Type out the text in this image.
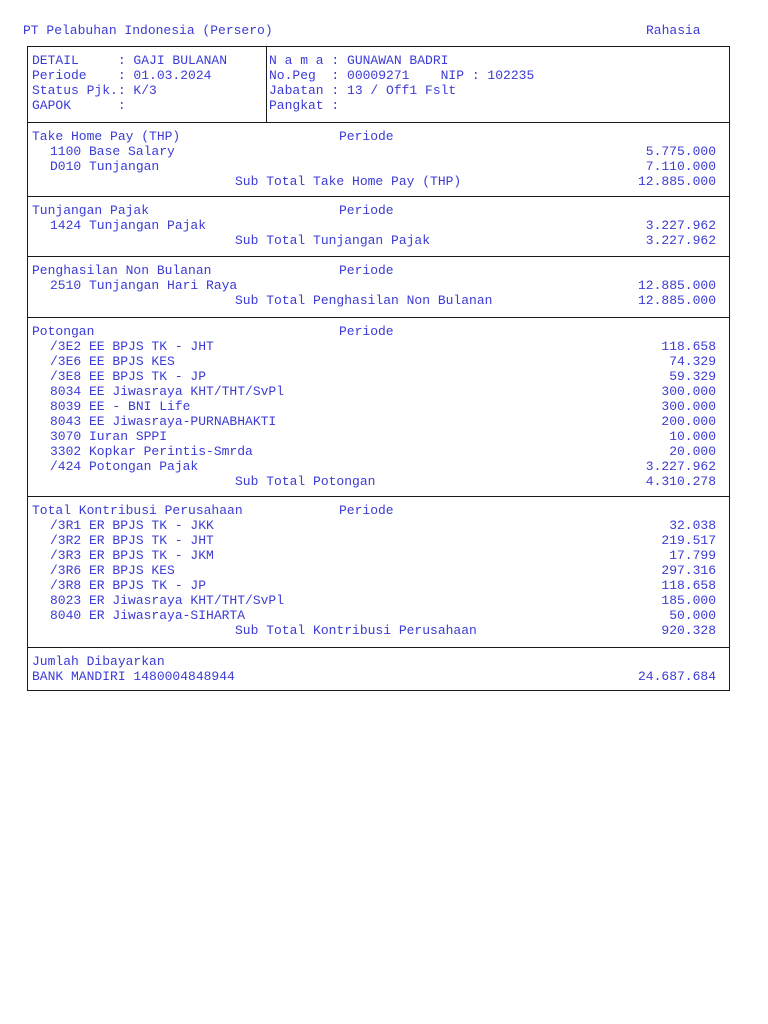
PT Pelabuhan Indonesia (Persero)	Rahasia
DETAIL     : GAJI BULANAN
Periode    : 01.03.2024
Status Pjk.: K/3
GAPOK      :
N a m a : GUNAWAN BADRI
No.Peg  : 00009271    NIP : 102235
Jabatan : 13 / Off1 Fslt
Pangkat :
Take Home Pay (THP)	Periode
1100 Base Salary	5.775.000
D010 Tunjangan	7.110.000
Sub Total Take Home Pay (THP)	12.885.000
Tunjangan Pajak	Periode
1424 Tunjangan Pajak	3.227.962
Sub Total Tunjangan Pajak	3.227.962
Penghasilan Non Bulanan	Periode
2510 Tunjangan Hari Raya	12.885.000
Sub Total Penghasilan Non Bulanan	12.885.000
Potongan	Periode
/3E2 EE BPJS TK - JHT	118.658
/3E6 EE BPJS KES	74.329
/3E8 EE BPJS TK - JP	59.329
8034 EE Jiwasraya KHT/THT/SvPl	300.000
8039 EE - BNI Life	300.000
8043 EE Jiwasraya-PURNABHAKTI	200.000
3070 Iuran SPPI	10.000
3302 Kopkar Perintis-Smrda	20.000
/424 Potongan Pajak	3.227.962
Sub Total Potongan	4.310.278
Total Kontribusi Perusahaan	Periode
/3R1 ER BPJS TK - JKK	32.038
/3R2 ER BPJS TK - JHT	219.517
/3R3 ER BPJS TK - JKM	17.799
/3R6 ER BPJS KES	297.316
/3R8 ER BPJS TK - JP	118.658
8023 ER Jiwasraya KHT/THT/SvPl	185.000
8040 ER Jiwasraya-SIHARTA	50.000
Sub Total Kontribusi Perusahaan	920.328
Jumlah Dibayarkan
BANK MANDIRI 1480004848944	24.687.684
